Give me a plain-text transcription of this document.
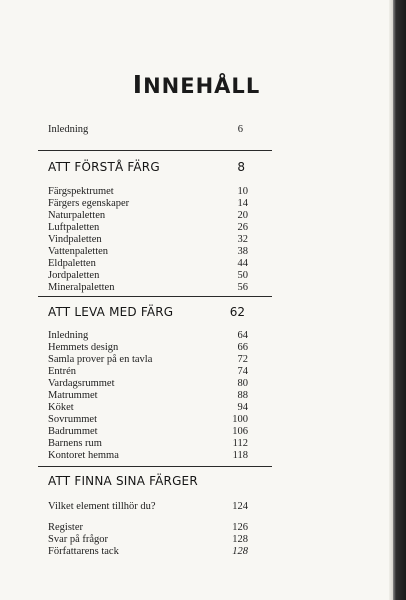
INNEHÅLL
Inledning	6
ATT FÖRSTÅ FÄRG	8
Färgspektrumet	10
Färgers egenskaper	14
Naturpaletten	20
Luftpaletten	26
Vindpaletten	32
Vattenpaletten	38
Eldpaletten	44
Jordpaletten	50
Mineralpaletten	56
ATT LEVA MED FÄRG	62
Inledning	64
Hemmets design	66
Samla prover på en tavla	72
Entrén	74
Vardagsrummet	80
Matrummet	88
Köket	94
Sovrummet	100
Badrummet	106
Barnens rum	112
Kontoret hemma	118
ATT FINNA SINA FÄRGER
Vilket element tillhör du?	124
Register	126
Svar på frågor	128
Författarens tack	128
